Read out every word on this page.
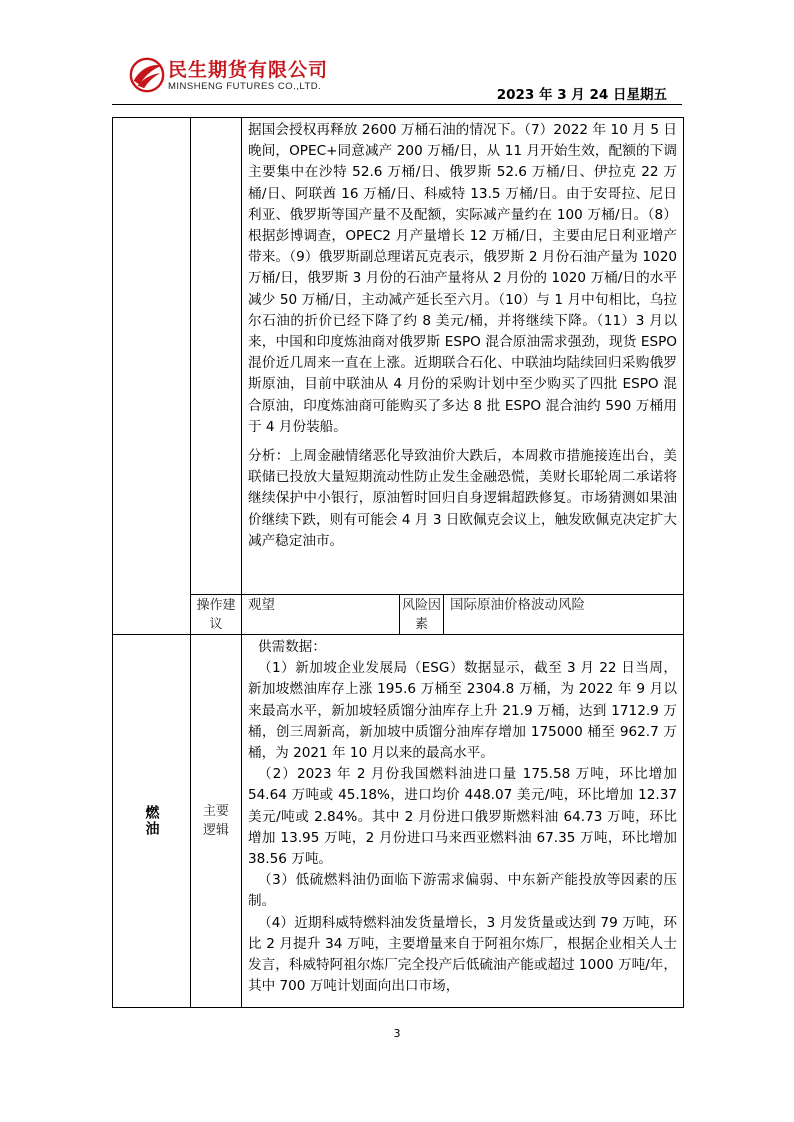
民生期货有限公司
MINSHENG FUTURES CO.,LTD.
2023 年 3 月 24 日星期五

		据国会授权再释放 2600 万桶石油的情况下。（7）2022 年 10 月 5 日晚间，OPEC+同意减产 200 万桶/日，从 11 月开始生效，配额的下调主要集中在沙特 52.6 万桶/日、俄罗斯 52.6 万桶/日、伊拉克 22 万桶/日、阿联酋 16 万桶/日、科威特 13.5 万桶/日。由于安哥拉、尼日利亚、俄罗斯等国产量不及配额，实际减产量约在 100 万桶/日。（8）根据彭博调查，OPEC2 月产量增长 12 万桶/日，主要由尼日利亚增产带来。（9）俄罗斯副总理诺瓦克表示，俄罗斯 2 月份石油产量为 1020 万桶/日，俄罗斯 3 月份的石油产量将从 2 月份的 1020 万桶/日的水平减少 50 万桶/日，主动减产延长至六月。（10）与 1 月中旬相比，乌拉尔石油的折价已经下降了约 8 美元/桶，并将继续下降。（11）3 月以来，中国和印度炼油商对俄罗斯 ESPO 混合原油需求强劲，现货 ESPO 混价近几周来一直在上涨。近期联合石化、中联油均陆续回归采购俄罗斯原油，目前中联油从 4 月份的采购计划中至少购买了四批 ESPO 混合原油，印度炼油商可能购买了多达 8 批 ESPO 混合油约 590 万桶用于 4 月份装船。

分析：上周金融情绪恶化导致油价大跌后，本周救市措施接连出台，美联储已投放大量短期流动性防止发生金融恐慌，美财长耶轮周二承诺将继续保护中小银行，原油暂时回归自身逻辑超跌修复。市场猜测如果油价继续下跌，则有可能会 4 月 3 日欧佩克会议上，触发欧佩克决定扩大减产稳定油市。		

	操作建议	观望	风险因素	国际原油价格波动风险

燃油	主要逻辑	供需数据：

（1）新加坡企业发展局（ESG）数据显示，截至 3 月 22 日当周，新加坡燃油库存上涨 195.6 万桶至 2304.8 万桶，为 2022 年 9 月以来最高水平，新加坡轻质馏分油库存上升 21.9 万桶，达到 1712.9 万桶，创三周新高，新加坡中质馏分油库存增加 175000 桶至 962.7 万桶，为 2021 年 10 月以来的最高水平。

（2）2023 年 2 月份我国燃料油进口量 175.58 万吨，环比增加 54.64 万吨或 45.18%，进口均价 448.07 美元/吨，环比增加 12.37 美元/吨或 2.84%。其中 2 月份进口俄罗斯燃料油 64.73 万吨，环比增加 13.95 万吨，2 月份进口马来西亚燃料油 67.35 万吨，环比增加 38.56 万吨。

（3）低硫燃料油仍面临下游需求偏弱、中东新产能投放等因素的压制。

（4）近期科威特燃料油发货量增长，3 月发货量或达到 79 万吨，环比 2 月提升 34 万吨，主要增量来自于阿祖尔炼厂，根据企业相关人士发言，科威特阿祖尔炼厂完全投产后低硫油产能或超过 1000 万吨/年，其中 700 万吨计划面向出口市场，		

3
